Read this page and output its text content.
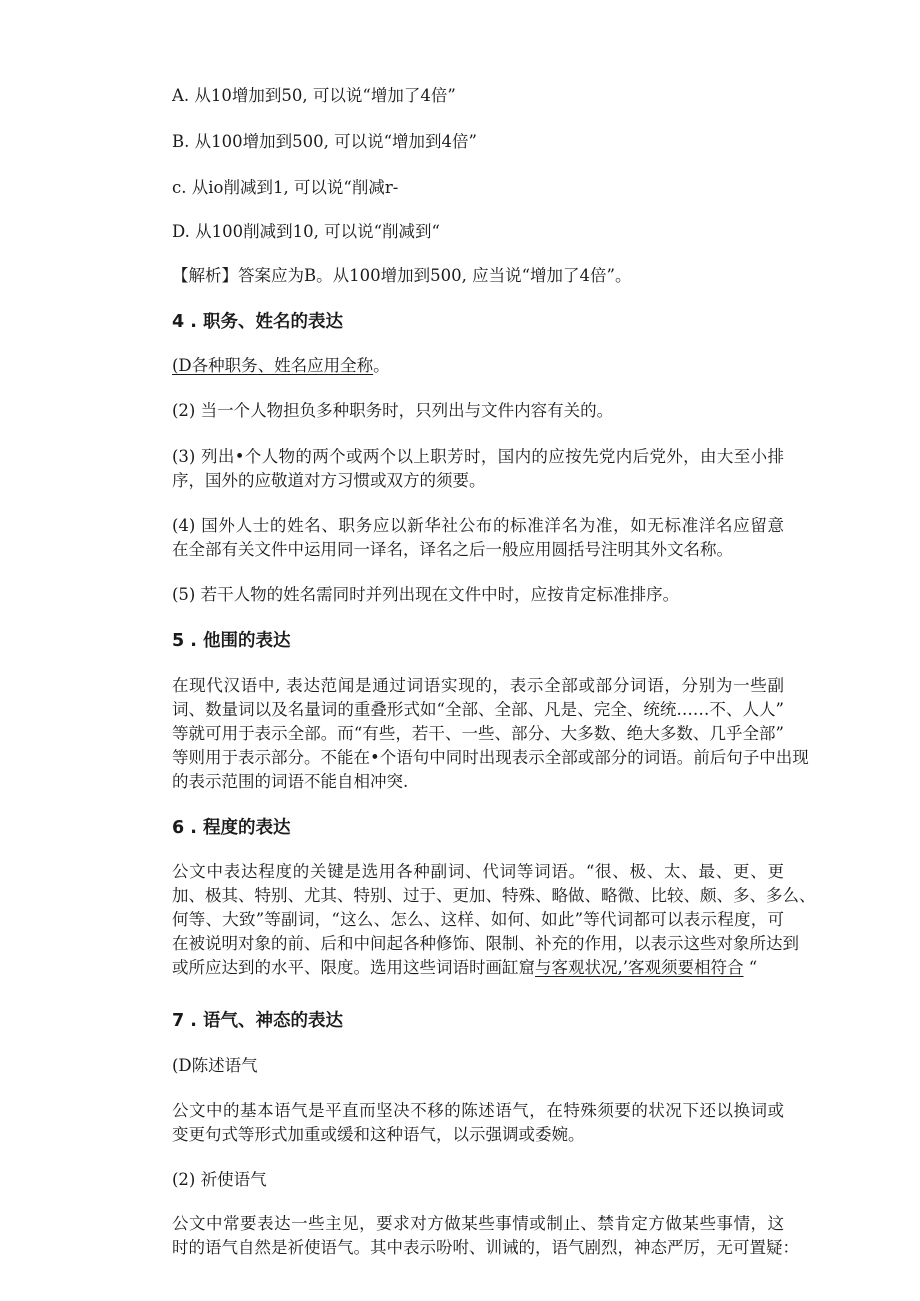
A. 从10增加到50, 可以说“增加了4倍”
B. 从100增加到500, 可以说“增加到4倍”
c. 从io削减到1, 可以说“削减r-
D. 从100削减到10, 可以说“削减到“
【解析】答案应为B。从100增加到500, 应当说“增加了4倍”。
4 . 职务、姓名的表达
(D各种职务、姓名应用全称。
(2) 当一个人物担负多种职务时，只列出与文件内容有关的。
(3) 列出•个人物的两个或两个以上职芳时，国内的应按先党内后党外，由大至小排
序，国外的应敬道对方习惯或双方的须要。
(4) 国外人士的姓名、职务应以新华社公布的标准洋名为准，如无标准洋名应留意
在全部有关文件中运用同一译名，译名之后一般应用圆括号注明其外文名称。
(5) 若干人物的姓名需同时并列出现在文件中时，应按肯定标准排序。
5 . 他围的表达
在现代汉语中, 表达范闻是通过词语实现的，表示全部或部分词语，分别为一些副
词、数量词以及名量词的重叠形式如“全部、全部、凡是、完全、统统……不、人人”
等就可用于表示全部。而“有些，若干、一些、部分、大多数、绝大多数、几乎全部”
等则用于表示部分。不能在•个语句中同时出现表示全部或部分的词语。前后句子中出现
的表示范围的词语不能自相冲突.
6 . 程度的表达
公文中表达程度的关键是选用各种副词、代词等词语。“很、极、太、最、更、更
加、极其、特别、尤其、特别、过于、更加、特殊、略做、略微、比较、颇、多、多么、
何等、大致”等副词，“这么、怎么、这样、如何、如此”等代词都可以表示程度，可
在被说明对象的前、后和中间起各种修饰、限制、补充的作用，以表示这些对象所达到
或所应达到的水平、限度。选用这些词语时画缸窟与客观状况,’客观须要相符合 “
7 . 语气、神态的表达
(D陈述语气
公文中的基本语气是平直而坚决不移的陈述语气，在特殊须要的状况下还以换词或
变更句式等形式加重或缓和这种语气，以示强调或委婉。
(2) 祈使语气
公文中常要表达一些主见，要求对方做某些事情或制止、禁肯定方做某些事情，这
时的语气自然是祈使语气。其中表示吩咐、训诫的，语气剧烈，神态严厉，无可置疑：
